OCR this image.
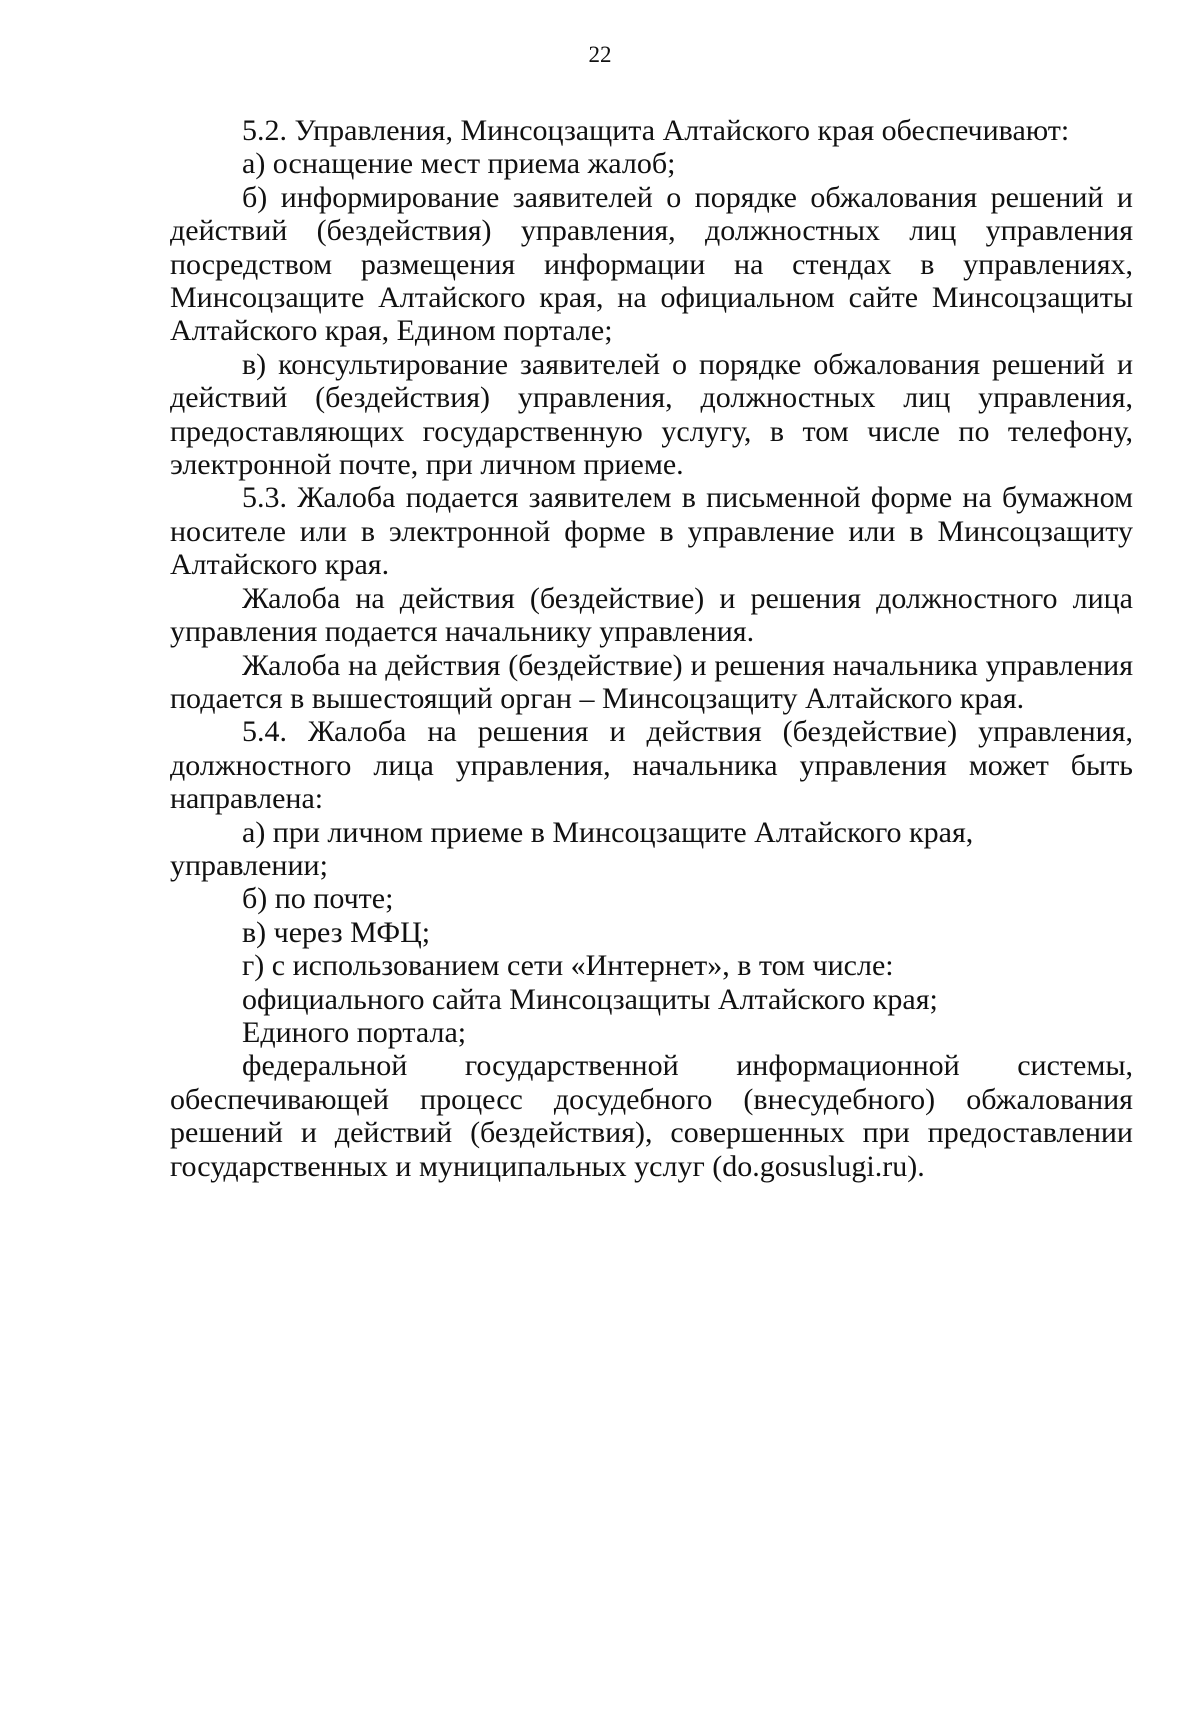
22

5.2. Управления, Минсоцзащита Алтайского края обеспечивают:

а) оснащение мест приема жалоб;

б) информирование заявителей о порядке обжалования решений и действий (бездействия) управления, должностных лиц управления посредством размещения информации на стендах в управлениях, Минсоцзащите Алтайского края, на официальном сайте Минсоцзащиты Алтайского края, Едином портале;

в) консультирование заявителей о порядке обжалования решений и действий (бездействия) управления, должностных лиц управления, предоставляющих государственную услугу, в том числе по телефону, электронной почте, при личном приеме.

5.3. Жалоба подается заявителем в письменной форме на бумажном носителе или в электронной форме в управление или в Минсоцзащиту Алтайского края.

Жалоба на действия (бездействие) и решения должностного лица управления подается начальнику управления.

Жалоба на действия (бездействие) и решения начальника управления подается в вышестоящий орган – Минсоцзащиту Алтайского края.

5.4. Жалоба на решения и действия (бездействие) управления, должностного лица управления, начальника управления может быть направлена:

а) при личном приеме в Минсоцзащите Алтайского края, управлении;

б) по почте;

в) через МФЦ;

г) с использованием сети «Интернет», в том числе:

официального сайта Минсоцзащиты Алтайского края;

Единого портала;

федеральной государственной информационной системы, обеспечивающей процесс досудебного (внесудебного) обжалования решений и действий (бездействия), совершенных при предоставлении государственных и муниципальных услуг (do.gosuslugi.ru).
